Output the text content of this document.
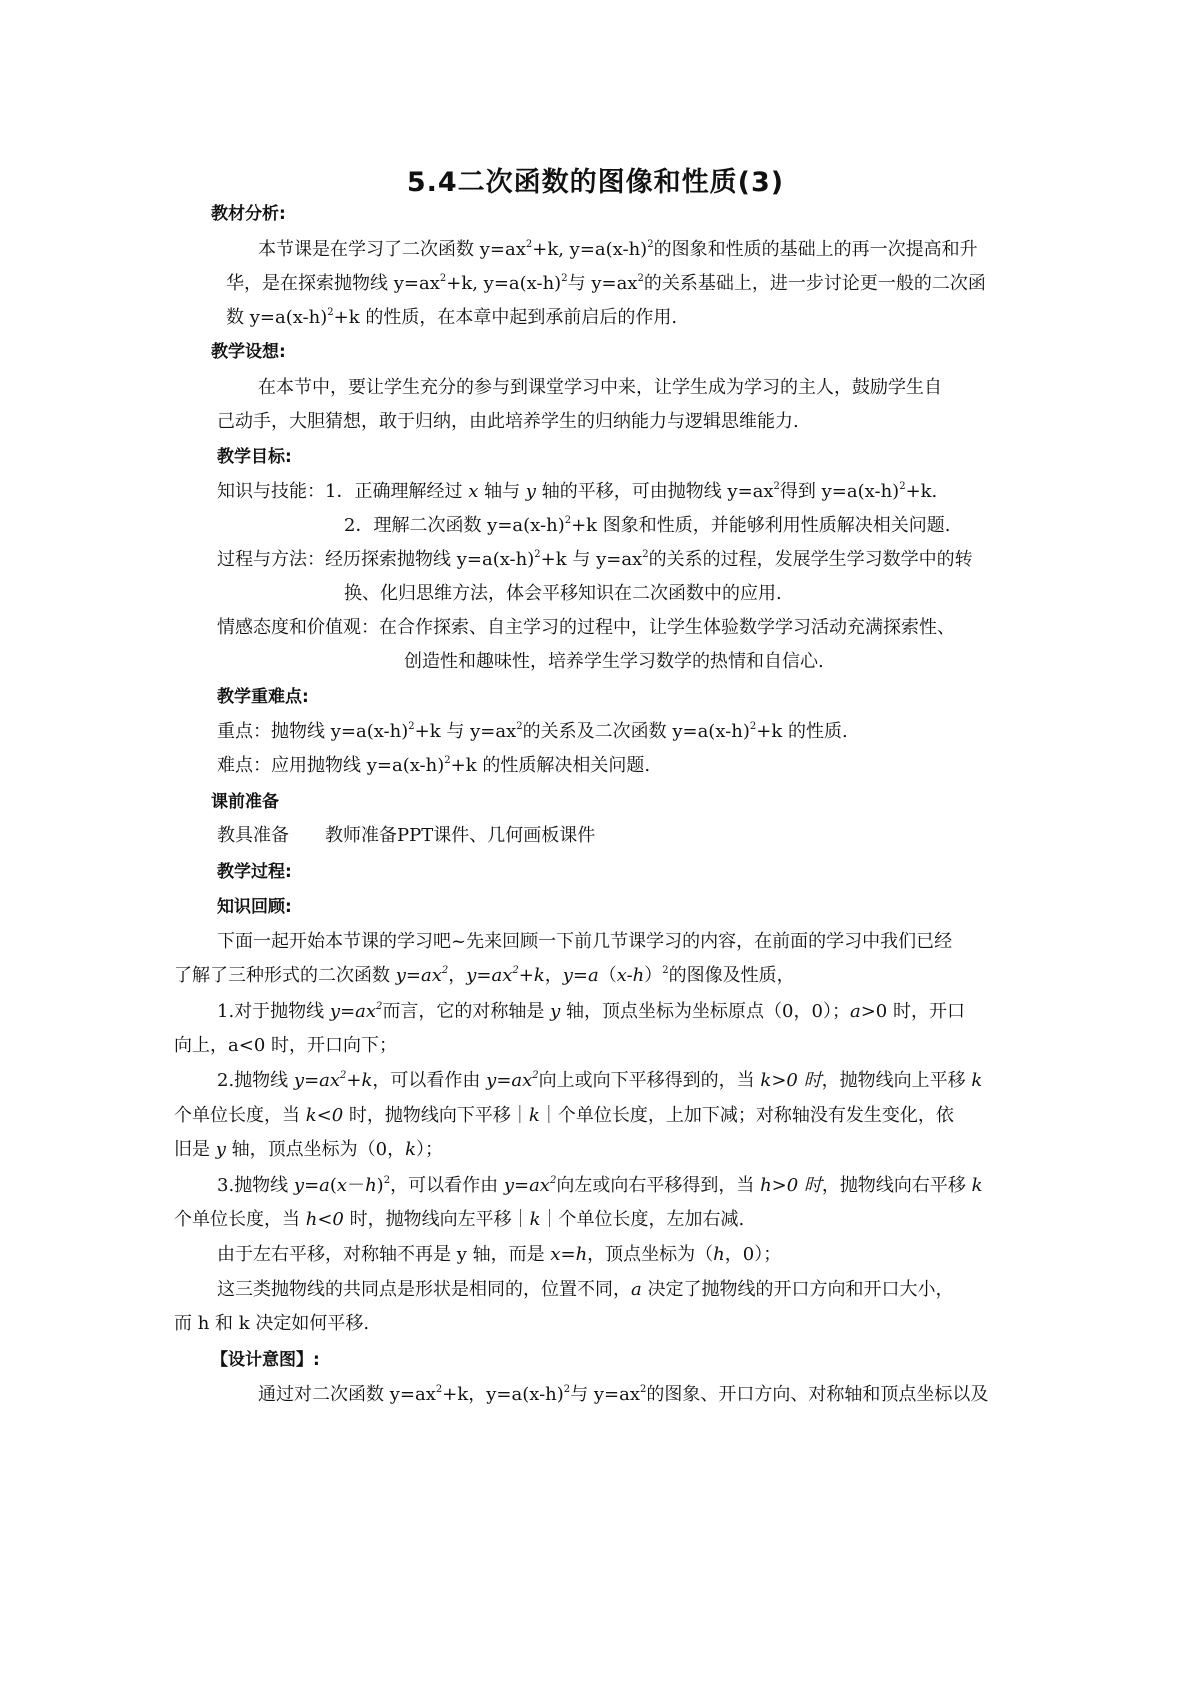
5.4二次函数的图像和性质(3)
教材分析:
本节课是在学习了二次函数 $y=ax^2+k$, $y=a(x-h)^2$的图象和性质的基础上的再一次提高和升
华，是在探索抛物线 $y=ax^2+k$, $y=a(x-h)^2$与 $y=ax^2$的关系基础上，进一步讨论更一般的二次函
数 $y=a(x-h)^2+k$ 的性质，在本章中起到承前启后的作用.
教学设想:
在本节中，要让学生充分的参与到课堂学习中来，让学生成为学习的主人，鼓励学生自
己动手，大胆猜想，敢于归纳，由此培养学生的归纳能力与逻辑思维能力.
教学目标:
知识与技能：1．正确理解经过 x 轴与 y 轴的平移，可由抛物线 $y=ax^2$得到 $y=a(x-h)^2+k$.
2．理解二次函数 $y=a(x-h)^2+k$ 图象和性质，并能够利用性质解决相关问题.
过程与方法：经历探索抛物线 $y=a(x-h)^2+k$ 与 $y=ax^2$的关系的过程，发展学生学习数学中的转
换、化归思维方法，体会平移知识在二次函数中的应用.
情感态度和价值观：在合作探索、自主学习的过程中，让学生体验数学学习活动充满探索性、
创造性和趣味性，培养学生学习数学的热情和自信心.
教学重难点:
重点：抛物线 $y=a(x-h)^2+k$ 与 $y=ax^2$的关系及二次函数 $y=a(x-h)^2+k$ 的性质.
难点：应用抛物线 $y=a(x-h)^2+k$ 的性质解决相关问题.
课前准备
教具准备　　教师准备PPT课件、几何画板课件
教学过程:
知识回顾:
下面一起开始本节课的学习吧~先来回顾一下前几节课学习的内容，在前面的学习中我们已经
了解了三种形式的二次函数 $y=ax^2$，$y=ax^2+k$，$y=a(x-h)^2$的图像及性质，
1.对于抛物线 $y=ax^2$而言，它的对称轴是 y 轴，顶点坐标为坐标原点（0，0）；a>0 时，开口
向上，a<0 时，开口向下；
2.抛物线 $y=ax^2+k$，可以看作由 $y=ax^2$向上或向下平移得到的，当 k>0 时，抛物线向上平移 k
个单位长度，当 k<0 时，抛物线向下平移｜k｜个单位长度，上加下减；对称轴没有发生变化，依
旧是 y 轴，顶点坐标为（0，k）；
3.抛物线 $y=a(x-h)^2$，可以看作由 $y=ax^2$向左或向右平移得到，当 h>0 时，抛物线向右平移 k
个单位长度，当 h<0 时，抛物线向左平移｜k｜个单位长度，左加右减.
由于左右平移，对称轴不再是 y 轴，而是 x=h，顶点坐标为（h，0）；
这三类抛物线的共同点是形状是相同的，位置不同，a 决定了抛物线的开口方向和开口大小，
而 h 和 k 决定如何平移.
【设计意图】:
通过对二次函数 $y=ax^2+k$，$y=a(x-h)^2$与 $y=ax^2$的图象、开口方向、对称轴和顶点坐标以及
